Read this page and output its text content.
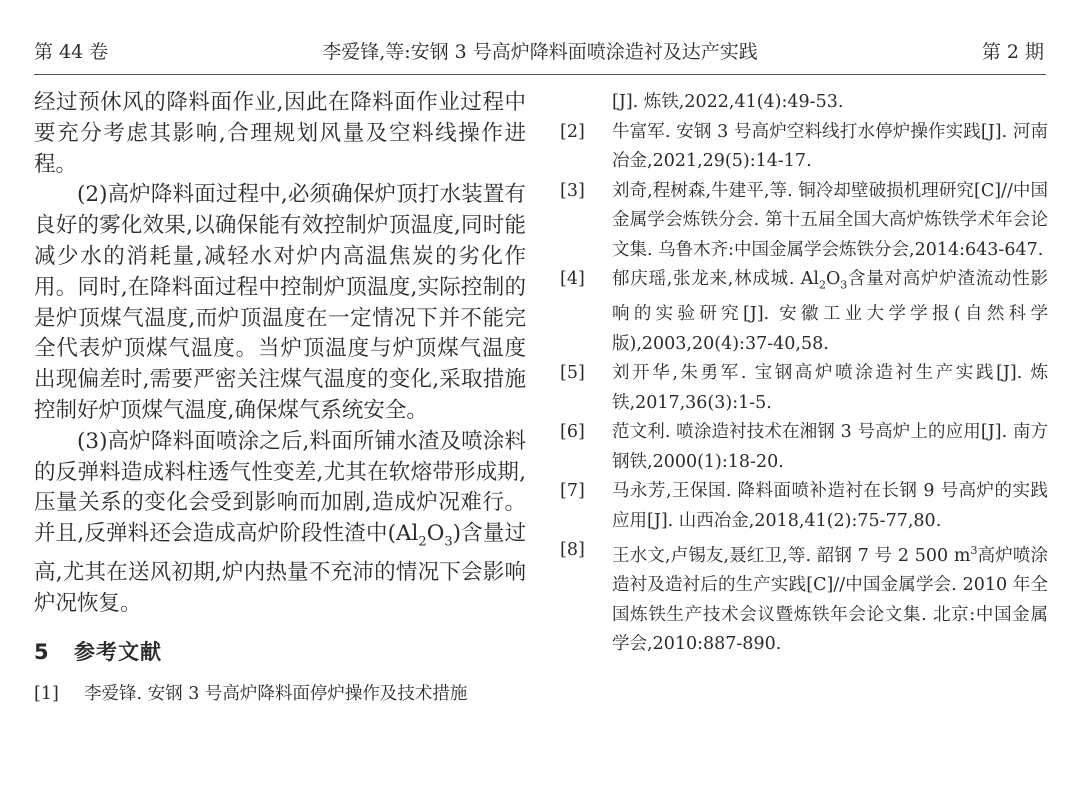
第 44 卷	李爱锋,等:安钢 3 号高炉降料面喷涂造衬及达产实践	第 2 期

经过预休风的降料面作业,因此在降料面作业过程中要充分考虑其影响,合理规划风量及空料线操作进程。

(2)高炉降料面过程中,必须确保炉顶打水装置有良好的雾化效果,以确保能有效控制炉顶温度,同时能减少水的消耗量,减轻水对炉内高温焦炭的劣化作用。同时,在降料面过程中控制炉顶温度,实际控制的是炉顶煤气温度,而炉顶温度在一定情况下并不能完全代表炉顶煤气温度。当炉顶温度与炉顶煤气温度出现偏差时,需要严密关注煤气温度的变化,采取措施控制好炉顶煤气温度,确保煤气系统安全。

(3)高炉降料面喷涂之后,料面所铺水渣及喷涂料的反弹料造成料柱透气性变差,尤其在软熔带形成期,压量关系的变化会受到影响而加剧,造成炉况难行。并且,反弹料还会造成高炉阶段性渣中$(Al_2O_3)$含量过高,尤其在送风初期,炉内热量不充沛的情况下会影响炉况恢复。

5 参考文献
[1] 李爱锋. 安钢 3 号高炉降料面停炉操作及技术措施
[J]. 炼铁,2022,41(4):49-53.
[2] 牛富军. 安钢 3 号高炉空料线打水停炉操作实践[J]. 河南冶金,2021,29(5):14-17.
[3] 刘奇,程树森,牛建平,等. 铜冷却壁破损机理研究[C]//中国金属学会炼铁分会. 第十五届全国大高炉炼铁学术年会论文集. 乌鲁木齐:中国金属学会炼铁分会,2014:643-647.
[4] 郁庆瑶,张龙来,林成城. $Al_2O_3$含量对高炉炉渣流动性影响的实验研究[J]. 安徽工业大学学报(自然科学版),2003,20(4):37-40,58.
[5] 刘开华,朱勇军. 宝钢高炉喷涂造衬生产实践[J]. 炼铁,2017,36(3):1-5.
[6] 范文利. 喷涂造衬技术在湘钢 3 号高炉上的应用[J]. 南方钢铁,2000(1):18-20.
[7] 马永芳,王保国. 降料面喷补造衬在长钢 9 号高炉的实践应用[J]. 山西冶金,2018,41(2):75-77,80.
[8] 王水文,卢锡友,聂红卫,等. 韶钢 7 号 2 500 $m^3$高炉喷涂造衬及造衬后的生产实践[C]//中国金属学会. 2010 年全国炼铁生产技术会议暨炼铁年会论文集. 北京:中国金属学会,2010:887-890.
